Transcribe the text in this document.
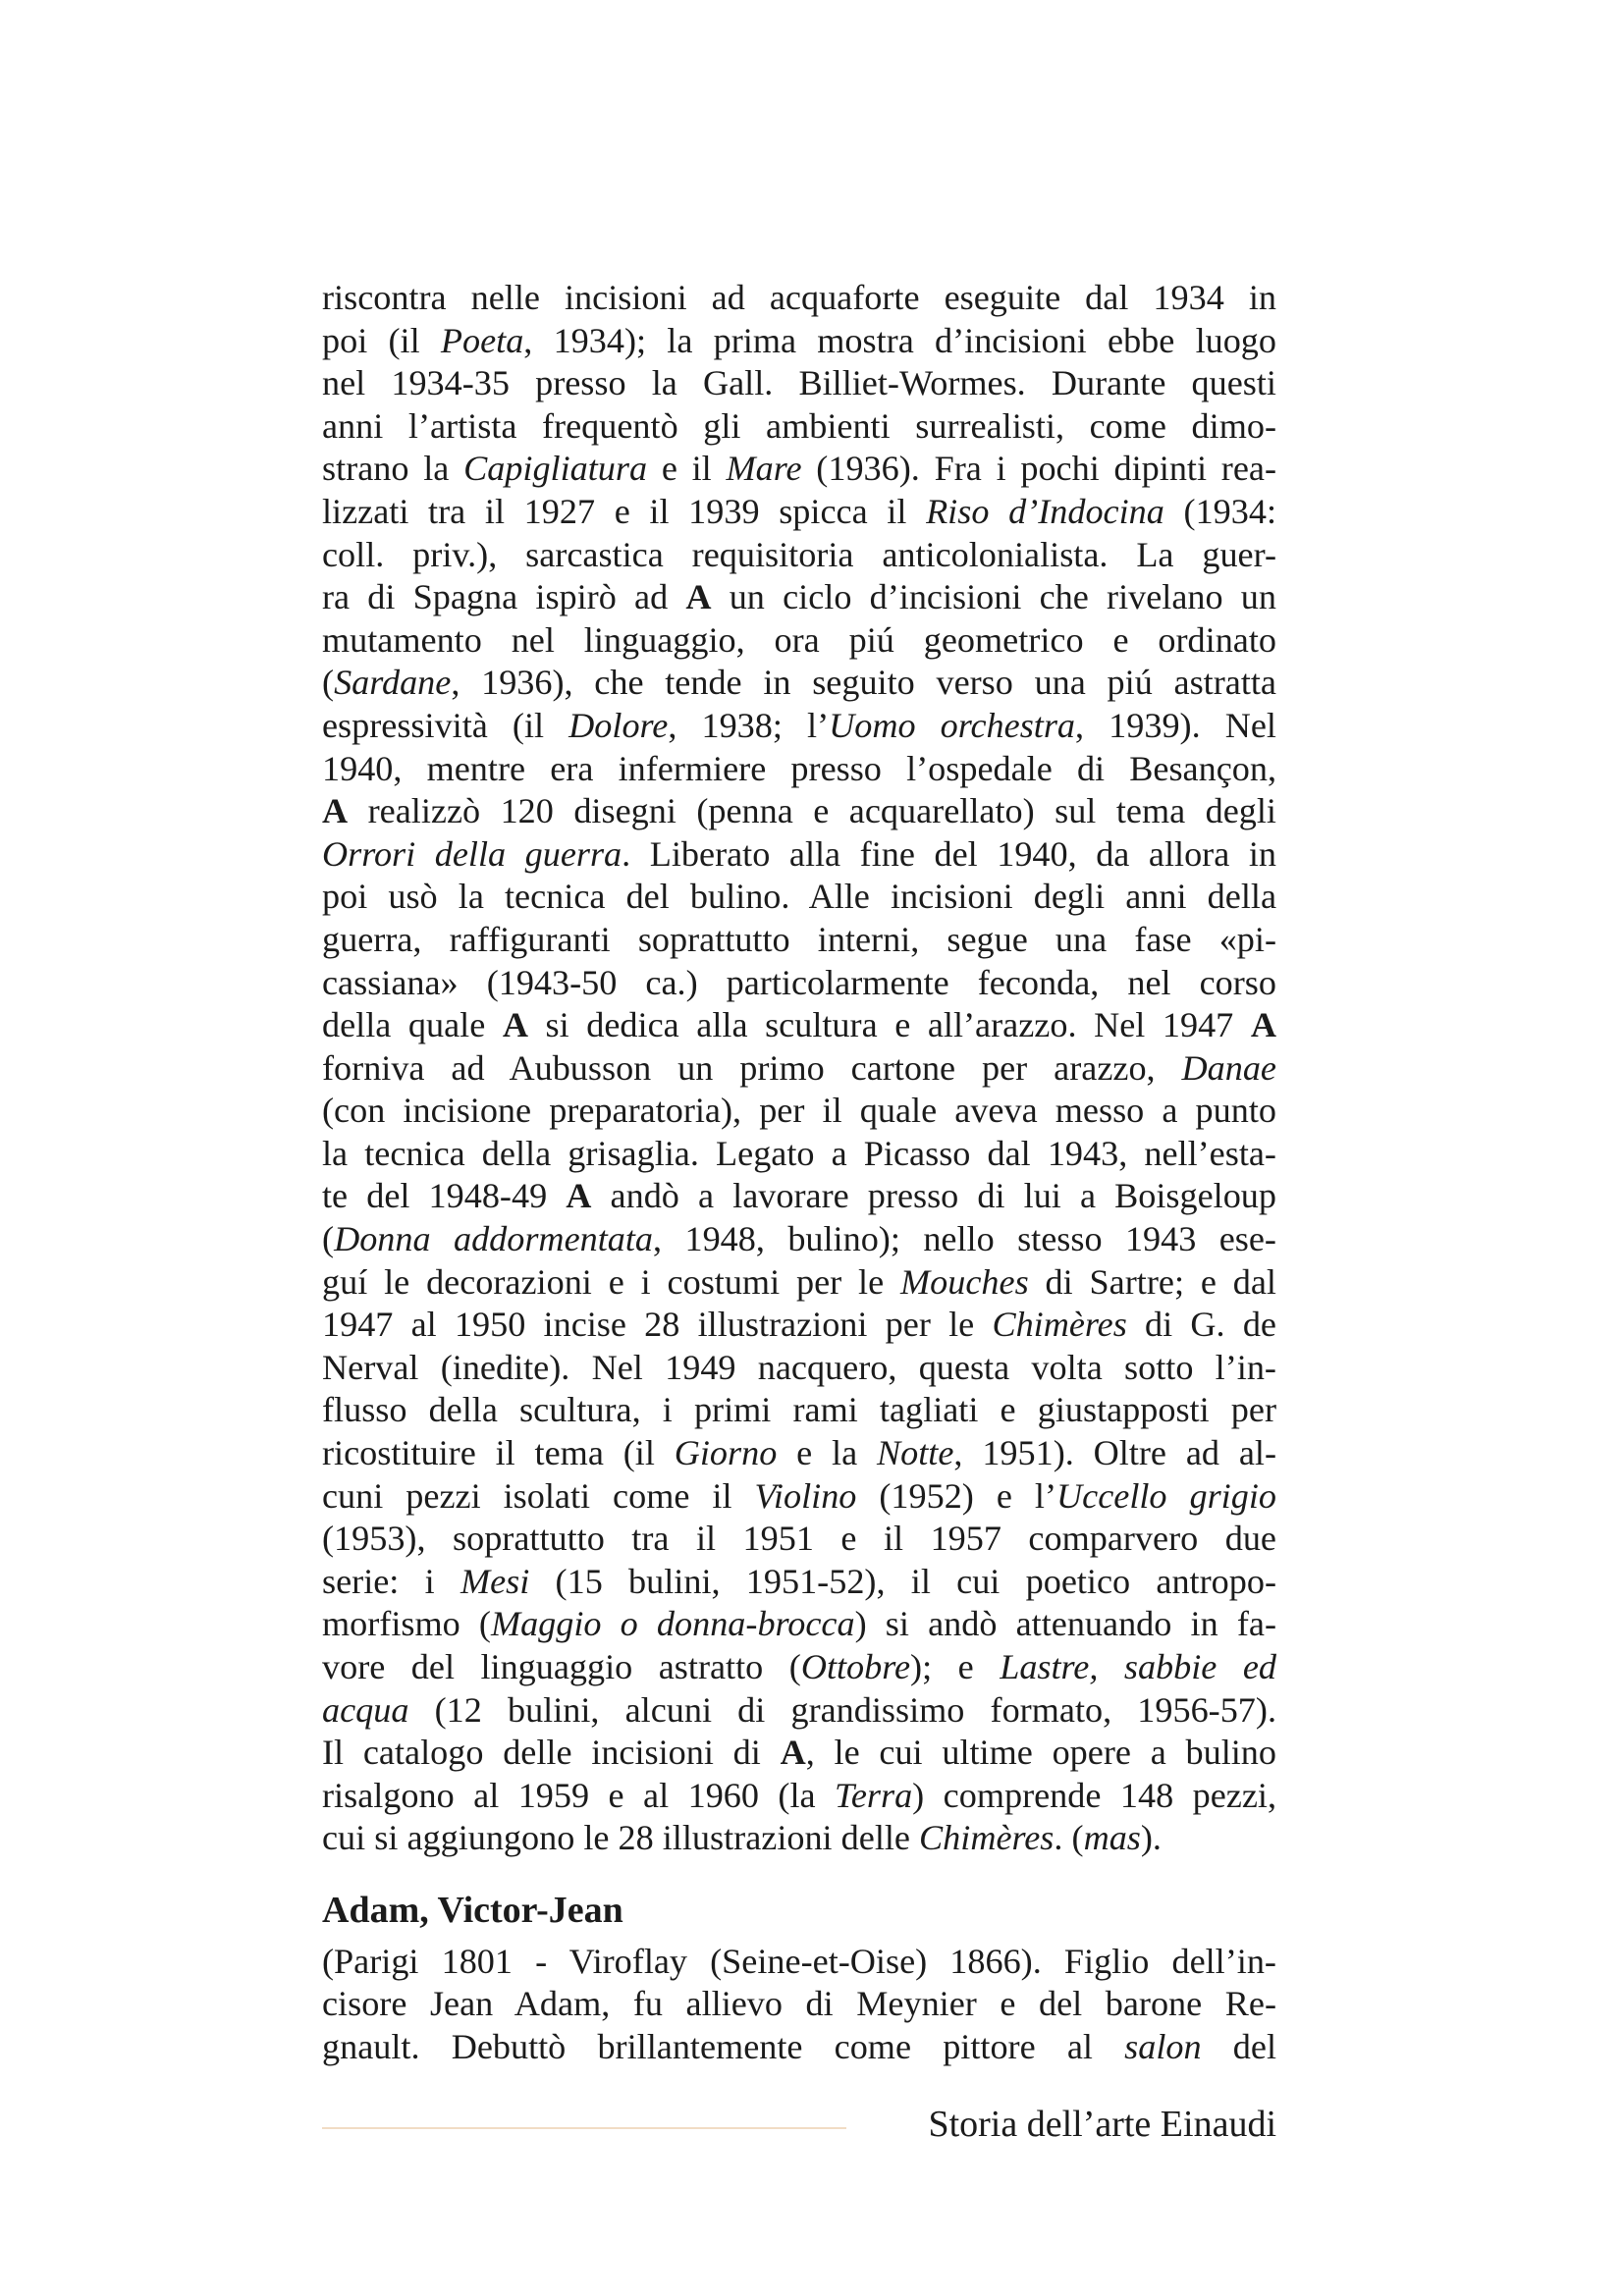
riscontra nelle incisioni ad acquaforte eseguite dal 1934 in
poi (il Poeta, 1934); la prima mostra d’incisioni ebbe luogo
nel 1934-35 presso la Gall. Billiet-Wormes. Durante questi
anni l’artista frequentò gli ambienti surrealisti, come dimo-
strano la Capigliatura e il Mare (1936). Fra i pochi dipinti rea-
lizzati tra il 1927 e il 1939 spicca il Riso d’Indocina (1934:
coll. priv.), sarcastica requisitoria anticolonialista. La guer-
ra di Spagna ispirò ad A un ciclo d’incisioni che rivelano un
mutamento nel linguaggio, ora piú geometrico e ordinato
(Sardane, 1936), che tende in seguito verso una piú astratta
espressività (il Dolore, 1938; l’Uomo orchestra, 1939). Nel
1940, mentre era infermiere presso l’ospedale di Besançon,
A realizzò 120 disegni (penna e acquarellato) sul tema degli
Orrori della guerra. Liberato alla fine del 1940, da allora in
poi usò la tecnica del bulino. Alle incisioni degli anni della
guerra, raffiguranti soprattutto interni, segue una fase «pi-
cassiana» (1943-50 ca.) particolarmente feconda, nel corso
della quale A si dedica alla scultura e all’arazzo. Nel 1947 A
forniva ad Aubusson un primo cartone per arazzo, Danae
(con incisione preparatoria), per il quale aveva messo a punto
la tecnica della grisaglia. Legato a Picasso dal 1943, nell’esta-
te del 1948-49 A andò a lavorare presso di lui a Boisgeloup
(Donna addormentata, 1948, bulino); nello stesso 1943 ese-
guí le decorazioni e i costumi per le Mouches di Sartre; e dal
1947 al 1950 incise 28 illustrazioni per le Chimères di G. de
Nerval (inedite). Nel 1949 nacquero, questa volta sotto l’in-
flusso della scultura, i primi rami tagliati e giustapposti per
ricostituire il tema (il Giorno e la Notte, 1951). Oltre ad al-
cuni pezzi isolati come il Violino (1952) e l’Uccello grigio
(1953), soprattutto tra il 1951 e il 1957 comparvero due
serie: i Mesi (15 bulini, 1951-52), il cui poetico antropo-
morfismo (Maggio o donna-brocca) si andò attenuando in fa-
vore del linguaggio astratto (Ottobre); e Lastre, sabbie ed
acqua (12 bulini, alcuni di grandissimo formato, 1956-57).
Il catalogo delle incisioni di A, le cui ultime opere a bulino
risalgono al 1959 e al 1960 (la Terra) comprende 148 pezzi,
cui si aggiungono le 28 illustrazioni delle Chimères. (mas).
Adam, Victor-Jean
(Parigi 1801 - Viroflay (Seine-et-Oise) 1866). Figlio dell’in-
cisore Jean Adam, fu allievo di Meynier e del barone Re-
gnault. Debuttò brillantemente come pittore al salon del
Storia dell’arte Einaudi
